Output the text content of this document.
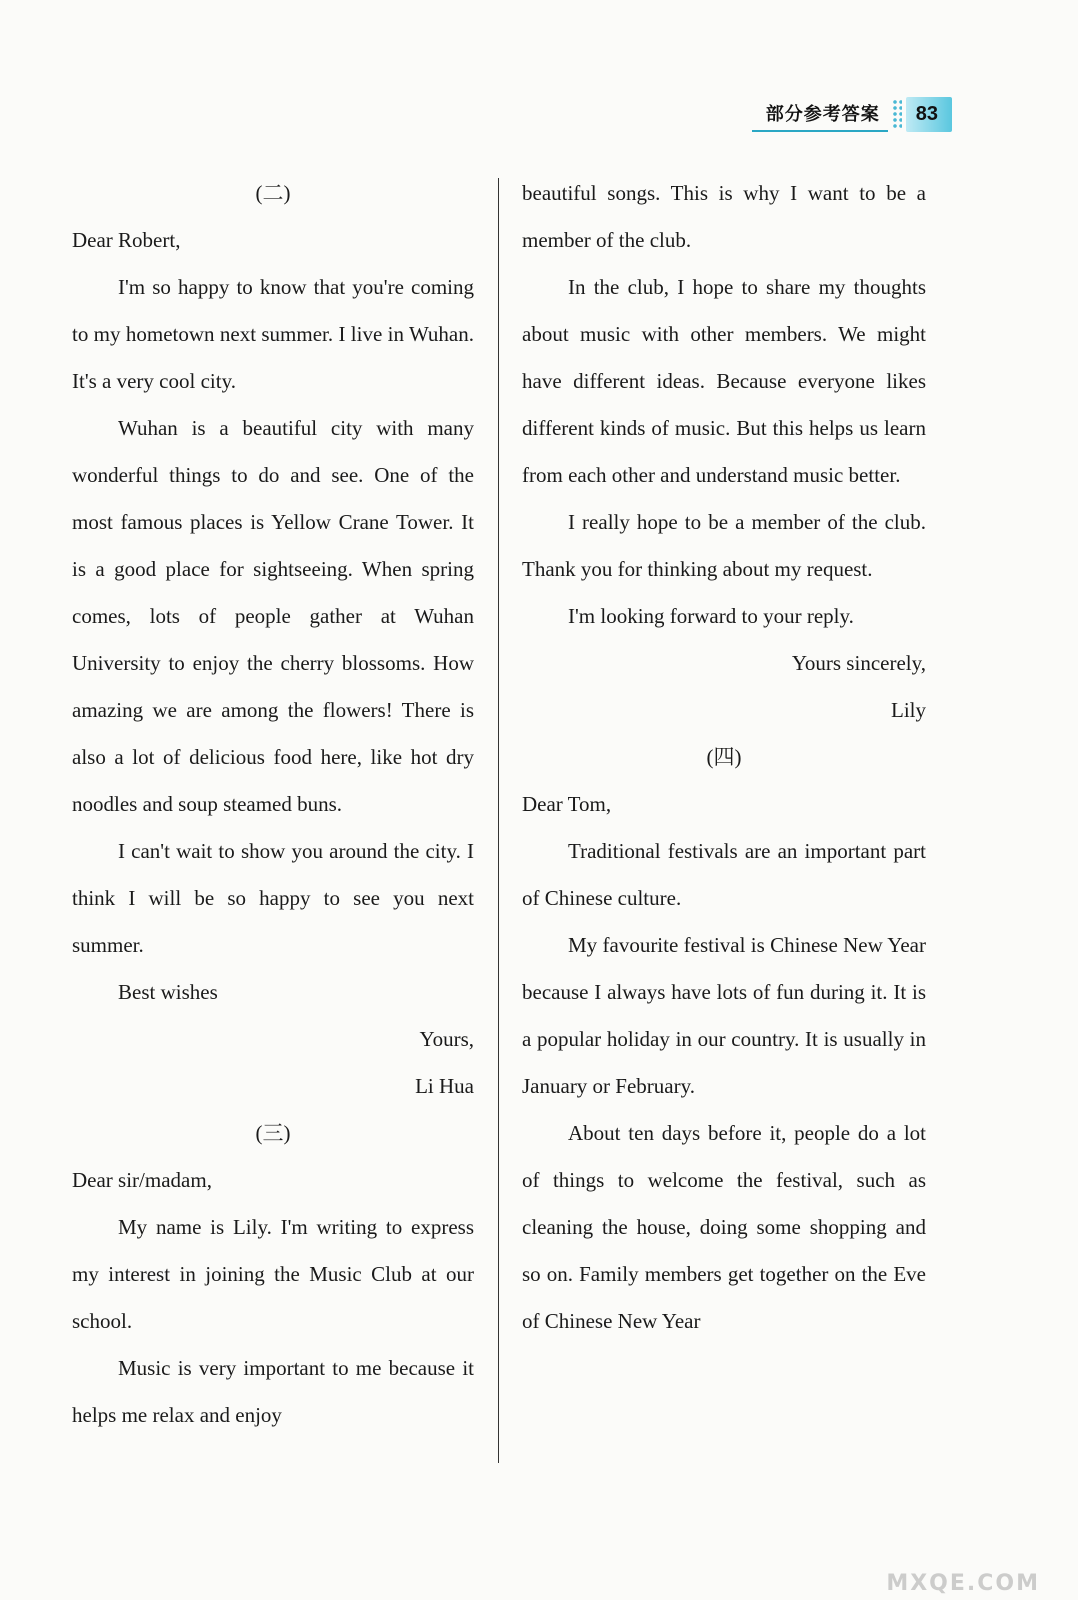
部分参考答案	83

(二)

Dear Robert,

I'm so happy to know that you're coming to my hometown next summer. I live in Wuhan. It's a very cool city.

Wuhan is a beautiful city with many wonderful things to do and see. One of the most famous places is Yellow Crane Tower. It is a good place for sightseeing. When spring comes, lots of people gather at Wuhan University to enjoy the cherry blossoms. How amazing we are among the flowers! There is also a lot of delicious food here, like hot dry noodles and soup steamed buns.

I can't wait to show you around the city. I think I will be so happy to see you next summer.

Best wishes

Yours,

Li Hua

(三)

Dear sir/madam,

My name is Lily. I'm writing to express my interest in joining the Music Club at our school.

Music is very important to me because it helps me relax and enjoy

beautiful songs. This is why I want to be a member of the club.

In the club, I hope to share my thoughts about music with other members. We might have different ideas. Because everyone likes different kinds of music. But this helps us learn from each other and understand music better.

I really hope to be a member of the club. Thank you for thinking about my request.

I'm looking forward to your reply.

Yours sincerely,

Lily

(四)

Dear Tom,

Traditional festivals are an important part of Chinese culture.

My favourite festival is Chinese New Year because I always have lots of fun during it. It is a popular holiday in our country. It is usually in January or February.

About ten days before it, people do a lot of things to welcome the festival, such as cleaning the house, doing some shopping and so on. Family members get together on the Eve of Chinese New Year

MXQE.COM
